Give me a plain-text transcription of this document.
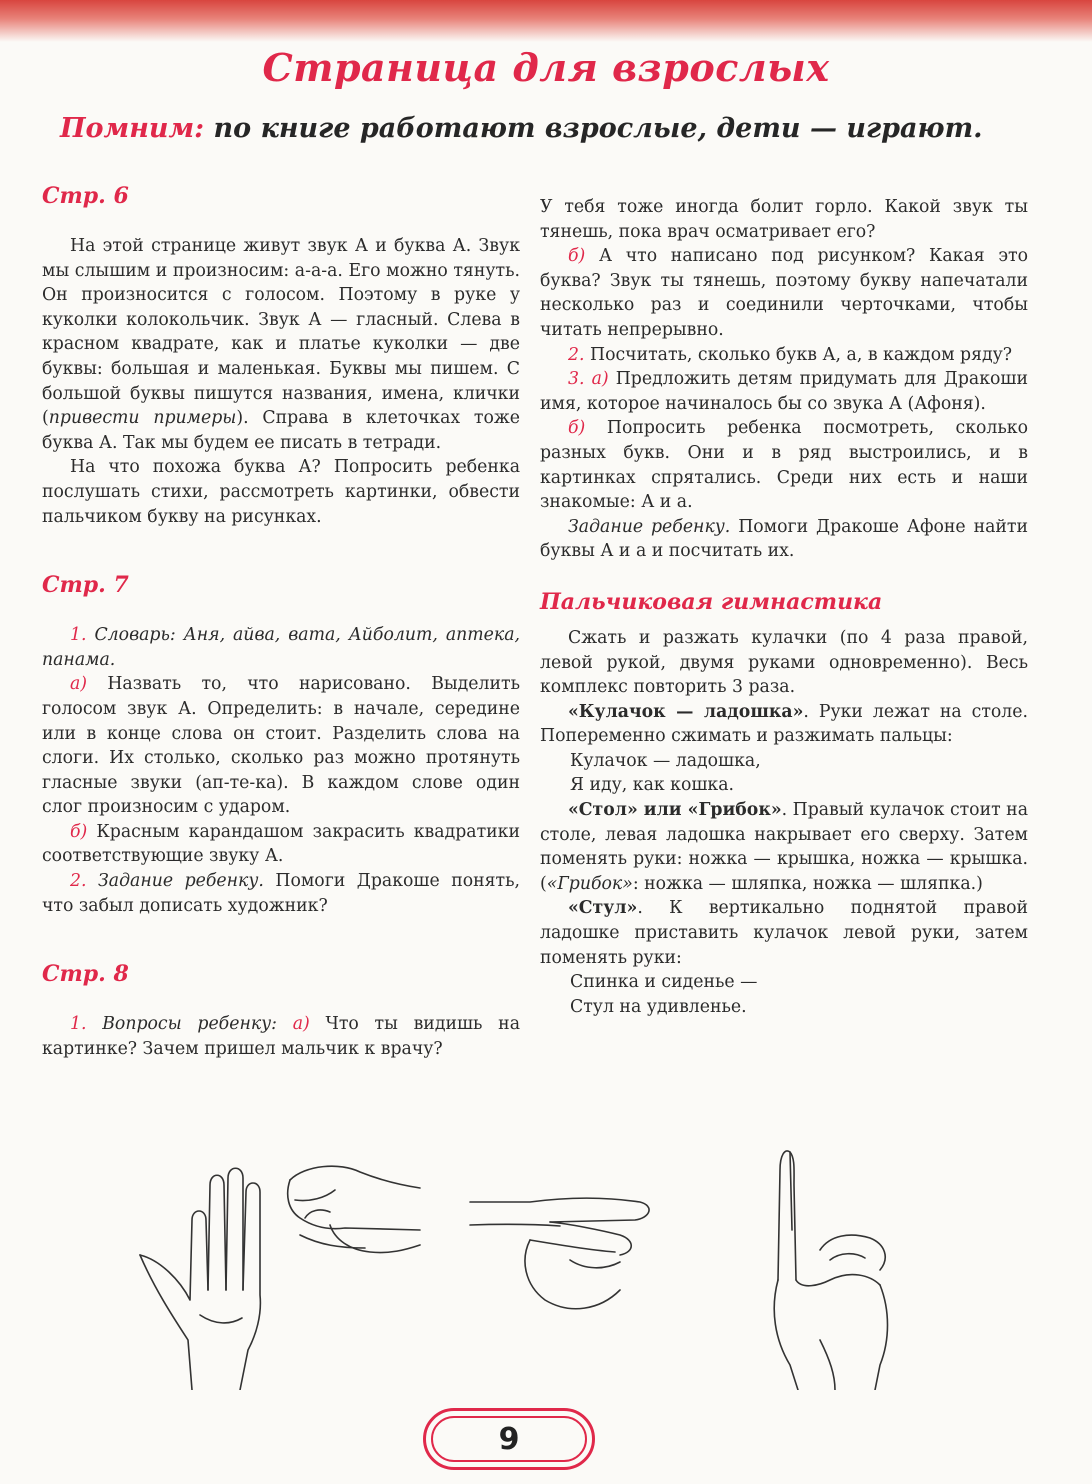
Страница для взрослых
Помним: по книге работают взрослые, дети — играют.
Стр. 6

На этой странице живут звук А и буква А. Звук мы слышим и произносим: а-а-а. Его можно тянуть. Он произносится с голосом. Поэтому в руке у куколки колокольчик. Звук А — гласный. Слева в красном квадрате, как и платье куколки — две буквы: большая и маленькая. Буквы мы пишем. С большой буквы пишутся названия, имена, клички (привести примеры). Справа в клеточках тоже буква А. Так мы будем ее писать в тетради.

На что похожа буква А? Попросить ребенка послушать стихи, рассмотреть картинки, обвести пальчиком букву на рисунках.

Стр. 7

1. Словарь: Аня, айва, вата, Айболит, аптека, панама.

а) Назвать то, что нарисовано. Выделить голосом звук А. Определить: в начале, середине или в конце слова он стоит. Разделить слова на слоги. Их столько, сколько раз можно протянуть гласные звуки (ап-те-ка). В каждом слове один слог произносим с ударом.

б) Красным карандашом закрасить квадратики соответствующие звуку А.

2. Задание ребенку. Помоги Дракоше понять, что забыл дописать художник?

Стр. 8

1. Вопросы ребенку: а) Что ты видишь на картинке? Зачем пришел мальчик к врачу?

У тебя тоже иногда болит горло. Какой звук ты тянешь, пока врач осматривает его?

б) А что написано под рисунком? Какая это буква? Звук ты тянешь, поэтому букву напечатали несколько раз и соединили черточками, чтобы читать непрерывно.

2. Посчитать, сколько букв А, а, в каждом ряду?

3. а) Предложить детям придумать для Дракоши имя, которое начиналось бы со звука А (Афоня).

б) Попросить ребенка посмотреть, сколько разных букв. Они и в ряд выстроились, и в картинках спрятались. Среди них есть и наши знакомые: А и а.

Задание ребенку. Помоги Дракоше Афоне найти буквы А и а и посчитать их.

Пальчиковая гимнастика

Сжать и разжать кулачки (по 4 раза правой, левой рукой, двумя руками одновременно). Весь комплекс повторить 3 раза.

«Кулачок — ладошка». Руки лежат на столе. Попеременно сжимать и разжимать пальцы:

Кулачок — ладошка,

Я иду, как кошка.

«Стол» или «Грибок». Правый кулачок стоит на столе, левая ладошка накрывает его сверху. Затем поменять руки: ножка — крышка, ножка — крышка. («Грибок»: ножка — шляпка, ножка — шляпка.)

«Стул». К вертикально поднятой правой ладошке приставить кулачок левой руки, затем поменять руки:

Спинка и сиденье —

Стул на удивленье.

9
